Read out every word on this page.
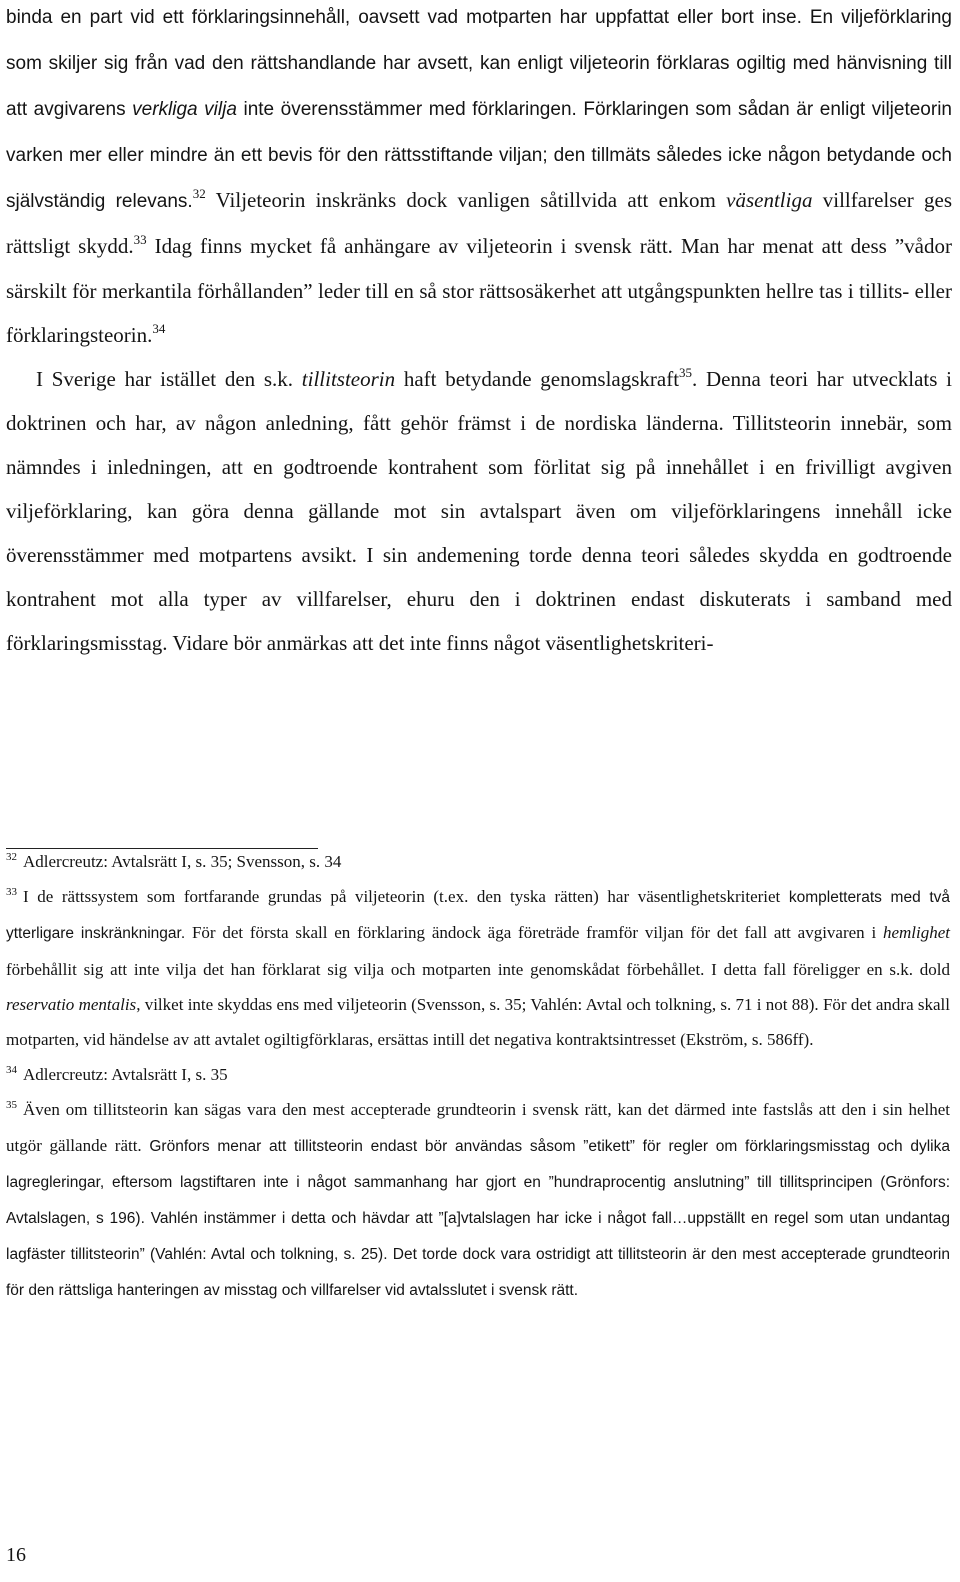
binda en part vid ett förklaringsinnehåll, oavsett vad motparten har uppfattat eller bort insе. En viljeförklaring som skiljer sig från vad den rättshandlande har avsett, kan enligt viljeteorin förklaras ogiltig med hänvisning till att avgivarens verkliga vilja inte överensstämmer med förklaringen. Förklaringen som sådan är enligt viljeteorin varken mer eller mindre än ett bevis för den rättsstiftande viljan; den tillmäts således icke någon betydande och självständig relevans.$^{32}$ Viljeteorin inskränks dock vanligen såtillvida att enkom väsentliga villfarelser ges rättsligt skydd.$^{33}$ Idag finns mycket få anhängare av viljeteorin i svensk rätt. Man har menat att dess ”vådor särskilt för merkantila förhållanden” leder till en så stor rättsosäkerhet att utgångspunkten hellre tas i tillits- eller förklaringsteorin.$^{34}$

I Sverige har istället den s.k. tillitsteorin haft betydande genomslagskraft$^{35}$. Denna teori har utvecklats i doktrinen och har, av någon anledning, fått gehör främst i de nordiska länderna. Tillitsteorin innebär, som nämndes i inledningen, att en godtroende kontrahent som förlitat sig på innehållet i en frivilligt avgiven viljeförklaring, kan göra denna gällande mot sin avtalspart även om viljeförklaringens innehåll icke överensstämmer med motpartens avsikt. I sin andemening torde denna teori således skydda en godtroende kontrahent mot alla typer av villfarelser, ehuru den i doktrinen endast diskuterats i samband med förklaringsmisstag. Vidare bör anmärkas att det inte finns något väsentlighetskriteri-

$^{32}$ Adlercreutz: Avtalsrätt I, s. 35; Svensson, s. 34

$^{33}$ I de rättssystem som fortfarande grundas på viljeteorin (t.ex. den tyska rätten) har väsentlighetskriteriet kompletterats med två ytterligare inskränkningar. För det första skall en förklaring ändock äga företräde framför viljan för det fall att avgivaren i hemlighet förbehållit sig att inte vilja det han förklarat sig vilja och motparten inte genomskådat förbehållet. I detta fall föreligger en s.k. dold reservatio mentalis, vilket inte skyddas ens med viljeteorin (Svensson, s. 35; Vahlén: Avtal och tolkning, s. 71 i not 88). För det andra skall motparten, vid händelse av att avtalet ogiltigförklaras, ersättas intill det negativa kontraktsintresset (Ekström, s. 586ff).

$^{34}$ Adlercreutz: Avtalsrätt I, s. 35

$^{35}$ Även om tillitsteorin kan sägas vara den mest accepterade grundteorin i svensk rätt, kan det därmed inte fastslås att den i sin helhet utgör gällande rätt. Grönfors menar att tillitsteorin endast bör användas såsom ”etikett” för regler om förklaringsmisstag och dylika lagregleringar, eftersom lagstiftaren inte i något sammanhang har gjort en ”hundraprocentig anslutning” till tillitsprincipen (Grönfors: Avtalslagen, s 196). Vahlén instämmer i detta och hävdar att ”[a]vtalslagen har icke i något fall…uppställt en regel som utan undantag lagfäster tillitsteorin” (Vahlén: Avtal och tolkning, s. 25). Det torde dock vara ostridigt att tillitsteorin är den mest accepterade grundteorin för den rättsliga hanteringen av misstag och villfarelser vid avtalsslutet i svensk rätt.

16
